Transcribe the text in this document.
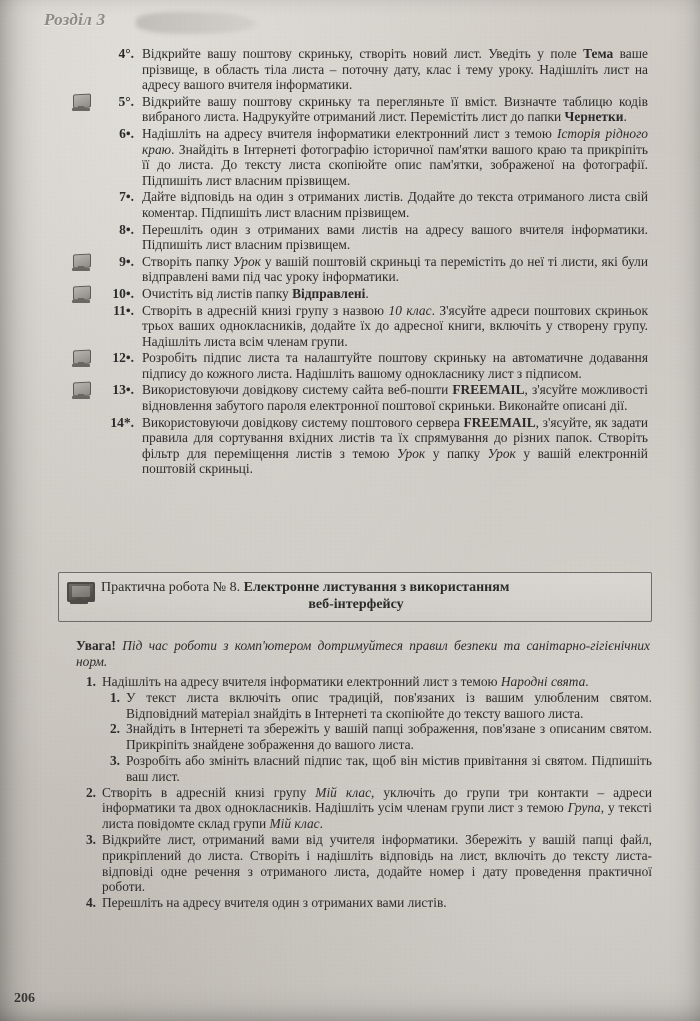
Розділ 3
4°. Відкрийте вашу поштову скриньку, створіть новий лист. Уведіть у поле Тема ваше прізвище, в область тіла листа – поточну дату, клас і тему уроку. Надішліть лист на адресу вашого вчителя інформатики.
5°. Відкрийте вашу поштову скриньку та перегляньте її вміст. Визначте таблицю кодів вибраного листа. Надрукуйте отриманий лист. Перемістіть лист до папки Чернетки.
6•. Надішліть на адресу вчителя інформатики електронний лист з темою Історія рідного краю. Знайдіть в Інтернеті фотографію історичної пам'ятки вашого краю та прикріпіть її до листа. До тексту листа скопіюйте опис пам'ятки, зображеної на фотографії. Підпишіть лист власним прізвищем.
7•. Дайте відповідь на один з отриманих листів. Додайте до текста отриманого листа свій коментар. Підпишіть лист власним прізвищем.
8•. Перешліть один з отриманих вами листів на адресу вашого вчителя інформатики. Підпишіть лист власним прізвищем.
9•. Створіть папку Урок у вашій поштовій скриньці та перемістіть до неї ті листи, які були відправлені вами під час уроку інформатики.
10•. Очистіть від листів папку Відправлені.
11•. Створіть в адресній книзі групу з назвою 10 клас. З'ясуйте адреси поштових скриньок трьох ваших однокласників, додайте їх до адресної книги, включіть у створену групу. Надішліть листа всім членам групи.
12•. Розробіть підпис листа та налаштуйте поштову скриньку на автоматичне додавання підпису до кожного листа. Надішліть вашому однокласнику лист з підписом.
13•. Використовуючи довідкову систему сайта веб-пошти FREEMAIL, з'ясуйте можливості відновлення забутого пароля електронної поштової скриньки. Виконайте описані дії.
14*. Використовуючи довідкову систему поштового сервера FREEMAIL, з'ясуйте, як задати правила для сортування вхідних листів та їх спрямування до різних папок. Створіть фільтр для переміщення листів з темою Урок у папку Урок у вашій електронній поштовій скриньці.
Практична робота № 8. Електронне листування з використанням
веб-інтерфейсу
Увага! Під час роботи з комп'ютером дотримуйтеся правил безпеки та санітарно-гігієнічних норм.
1. Надішліть на адресу вчителя інформатики електронний лист з темою Народні свята.
1. У текст листа включіть опис традицій, пов'язаних із вашим улюбленим святом. Відповідний матеріал знайдіть в Інтернеті та скопіюйте до тексту вашого листа.
2. Знайдіть в Інтернеті та збережіть у вашій папці зображення, пов'язане з описаним святом. Прикріпіть знайдене зображення до вашого листа.
3. Розробіть або змініть власний підпис так, щоб він містив привітання зі святом. Підпишіть ваш лист.
2. Створіть в адресній книзі групу Мій клас, уключіть до групи три контакти – адреси інформатики та двох однокласників. Надішліть усім членам групи лист з темою Група, у тексті листа повідомте склад групи Мій клас.
3. Відкрийте лист, отриманий вами від учителя інформатики. Збережіть у вашій папці файл, прикріплений до листа. Створіть і надішліть відповідь на лист, включіть до тексту листа-відповіді одне речення з отриманого листа, додайте номер і дату проведення практичної роботи.
4. Перешліть на адресу вчителя один з отриманих вами листів.
206
